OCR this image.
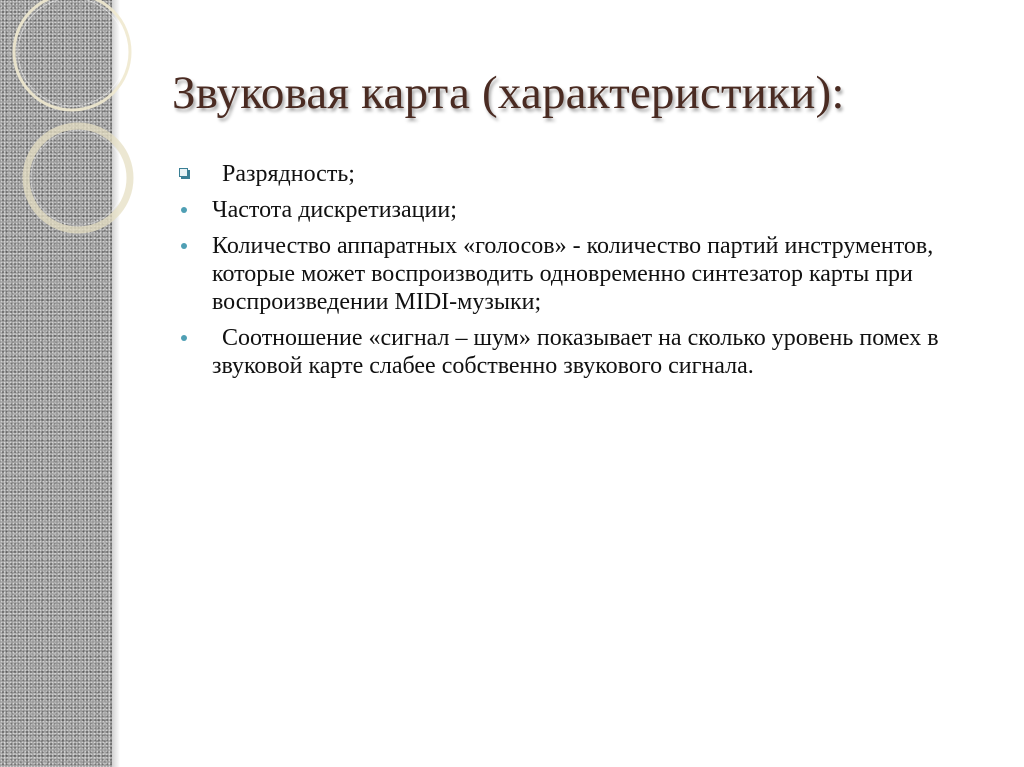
Звуковая карта (характеристики):
Разрядность;
Частота дискретизации;
Количество аппаратных «голосов» - количество партий инструментов, которые может воспроизводить одновременно синтезатор карты при воспроизведении MIDI-музыки;
Соотношение «сигнал – шум» показывает на сколько уровень помех в звуковой карте слабее собственно звукового сигнала.
